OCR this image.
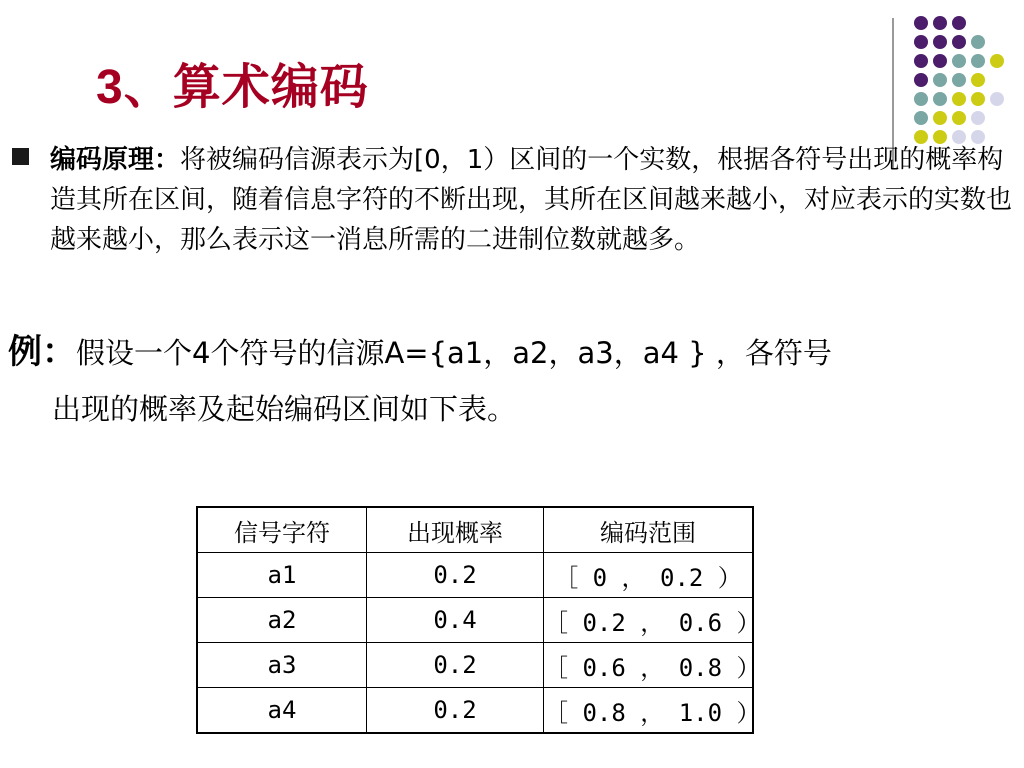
3、算术编码
编码原理：将被编码信源表示为[0，1）区间的一个实数，根据各符号出现的概率构造其所在区间，随着信息字符的不断出现，其所在区间越来越小，对应表示的实数也越来越小，那么表示这一消息所需的二进制位数就越多。
例：假设一个4个符号的信源A={a1，a2，a3，a4 } ，各符号
出现的概率及起始编码区间如下表。
信号字符	出现概率	编码范围
a1	0.2	［ 0 ， 0.2 ）
a2	0.4	［ 0.2 ， 0.6 ）
a3	0.2	［ 0.6 ， 0.8 ）
a4	0.2	［ 0.8 ， 1.0 ）
